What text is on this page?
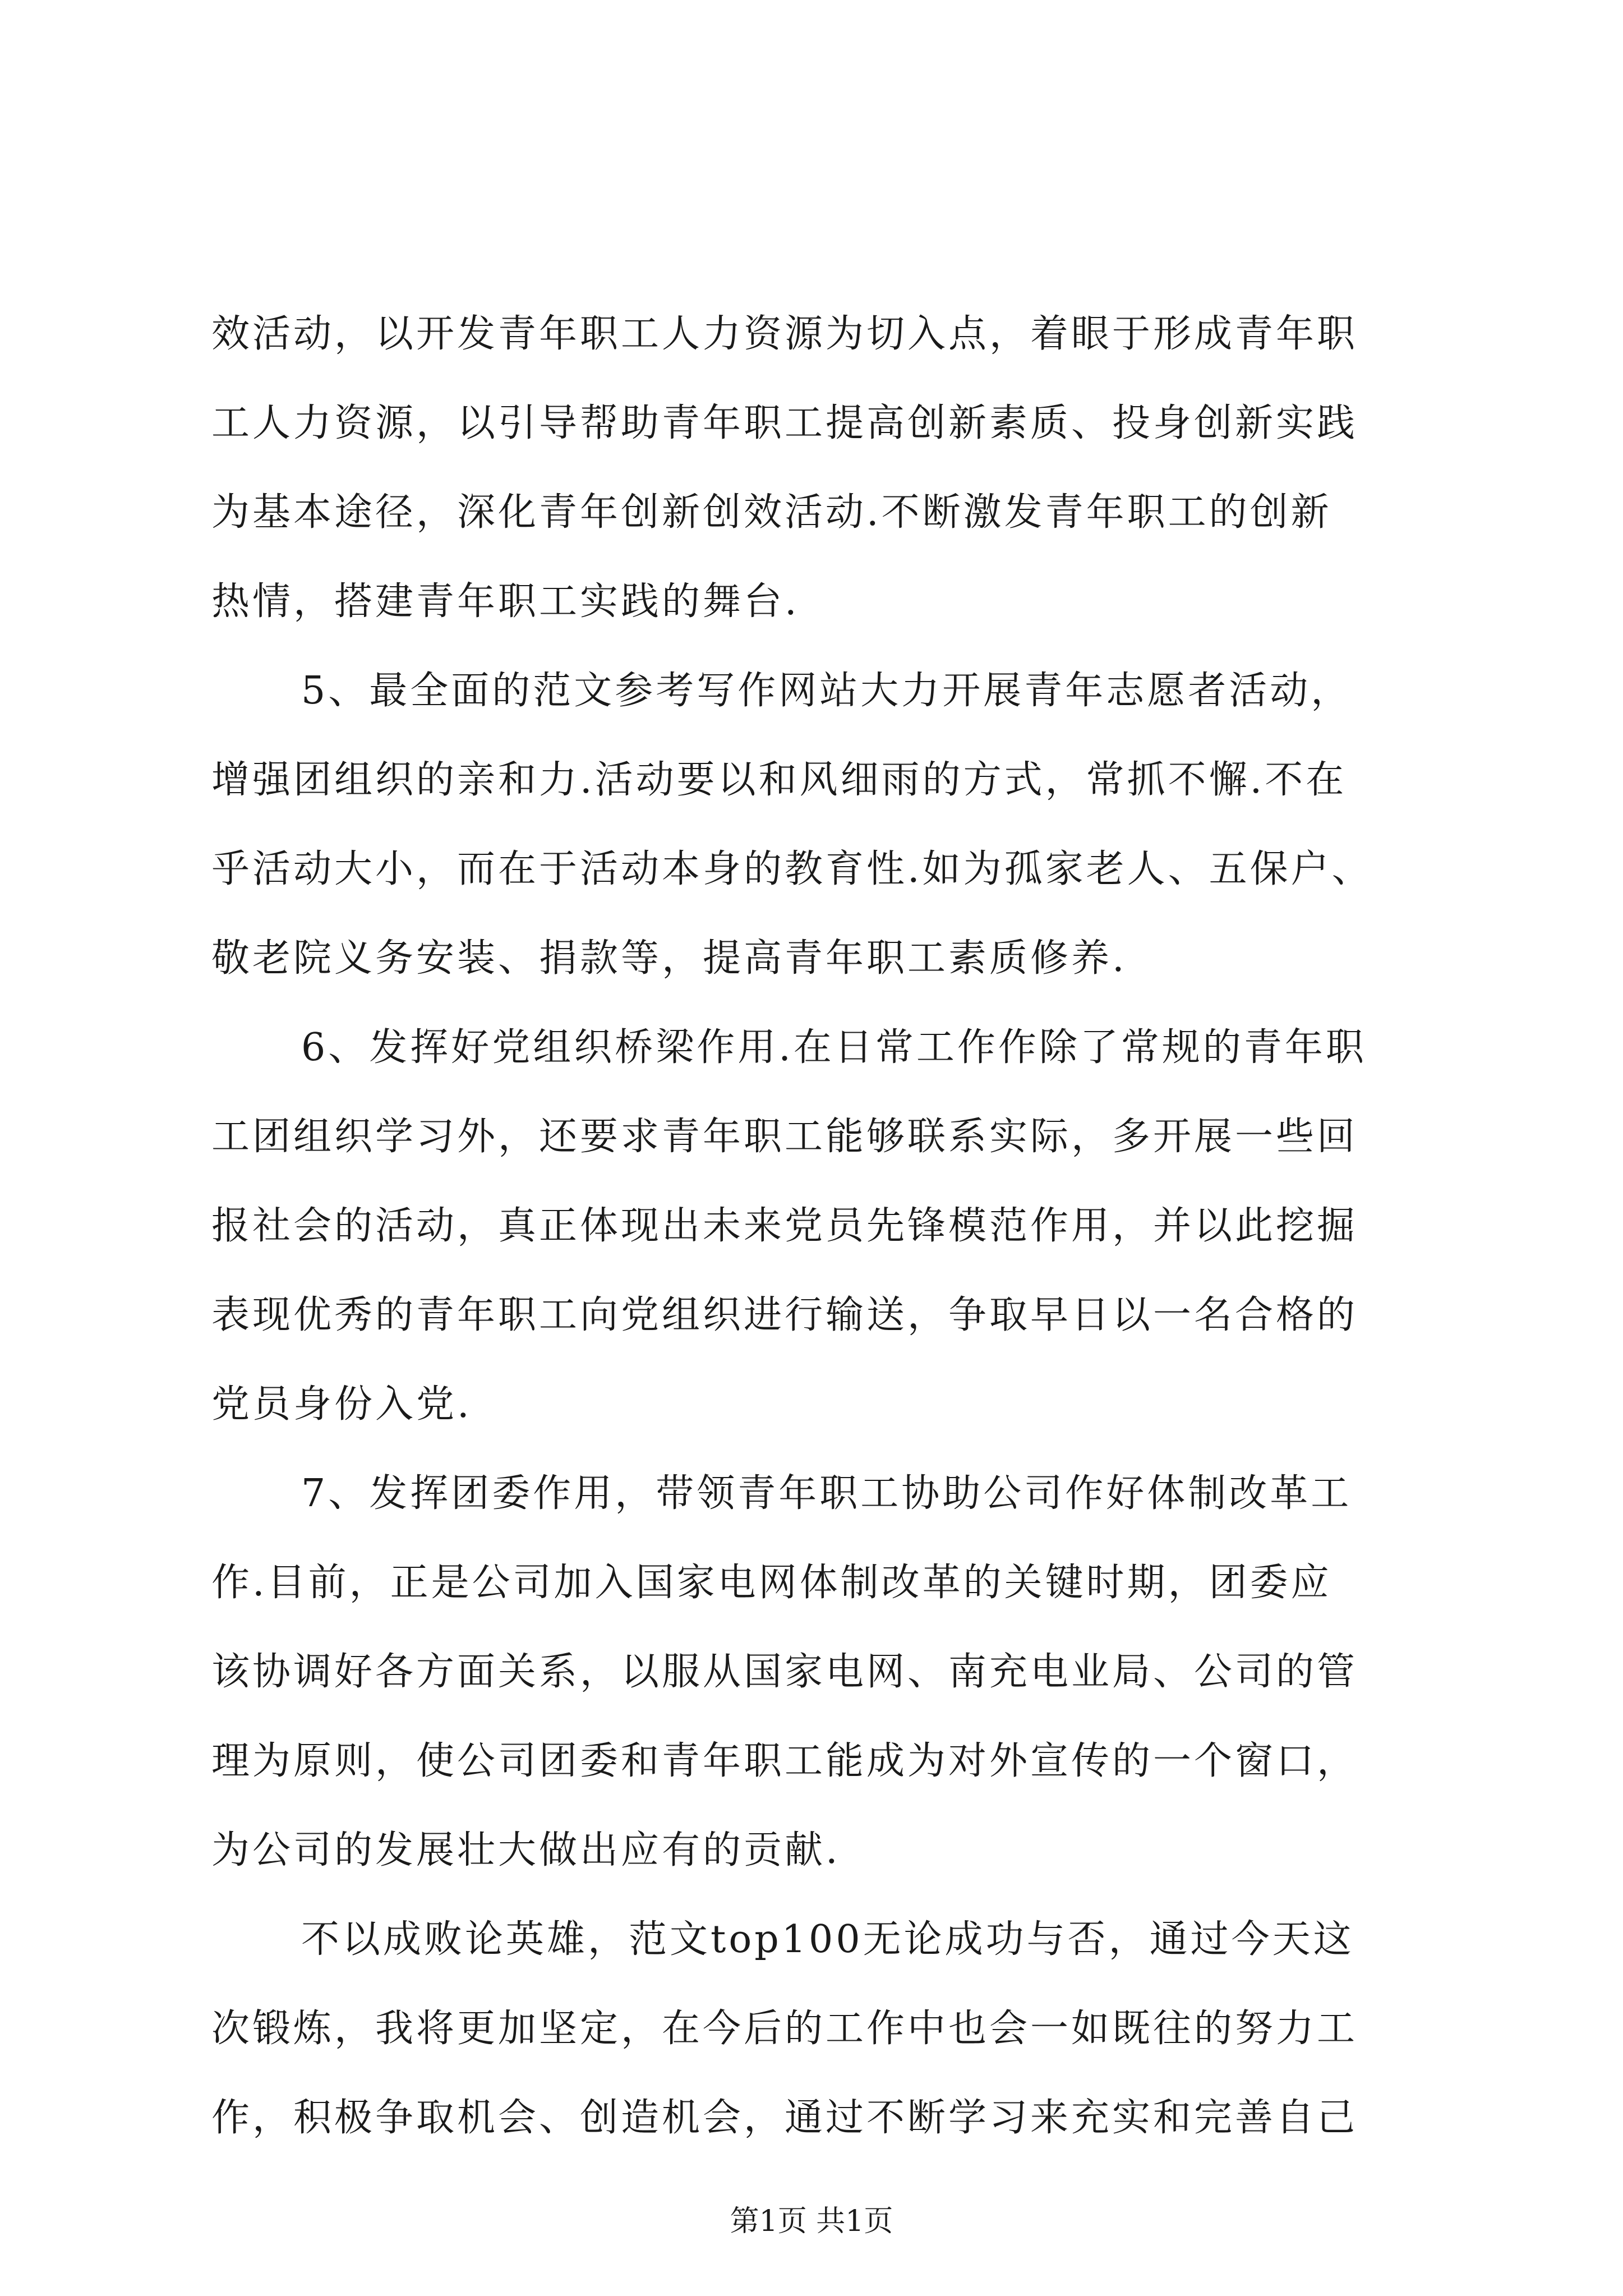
效活动，以开发青年职工人力资源为切入点，着眼于形成青年职
工人力资源，以引导帮助青年职工提高创新素质、投身创新实践
为基本途径，深化青年创新创效活动.不断激发青年职工的创新
热情，搭建青年职工实践的舞台.
5、最全面的范文参考写作网站大力开展青年志愿者活动，
增强团组织的亲和力.活动要以和风细雨的方式，常抓不懈.不在
乎活动大小，而在于活动本身的教育性.如为孤家老人、五保户、
敬老院义务安装、捐款等，提高青年职工素质修养.
6、发挥好党组织桥梁作用.在日常工作作除了常规的青年职
工团组织学习外，还要求青年职工能够联系实际，多开展一些回
报社会的活动，真正体现出未来党员先锋模范作用，并以此挖掘
表现优秀的青年职工向党组织进行输送，争取早日以一名合格的
党员身份入党.
7、发挥团委作用，带领青年职工协助公司作好体制改革工
作.目前，正是公司加入国家电网体制改革的关键时期，团委应
该协调好各方面关系，以服从国家电网、南充电业局、公司的管
理为原则，使公司团委和青年职工能成为对外宣传的一个窗口，
为公司的发展壮大做出应有的贡献.
不以成败论英雄，范文top100无论成功与否，通过今天这
次锻炼，我将更加坚定，在今后的工作中也会一如既往的努力工
作，积极争取机会、创造机会，通过不断学习来充实和完善自己
第1页 共1页
